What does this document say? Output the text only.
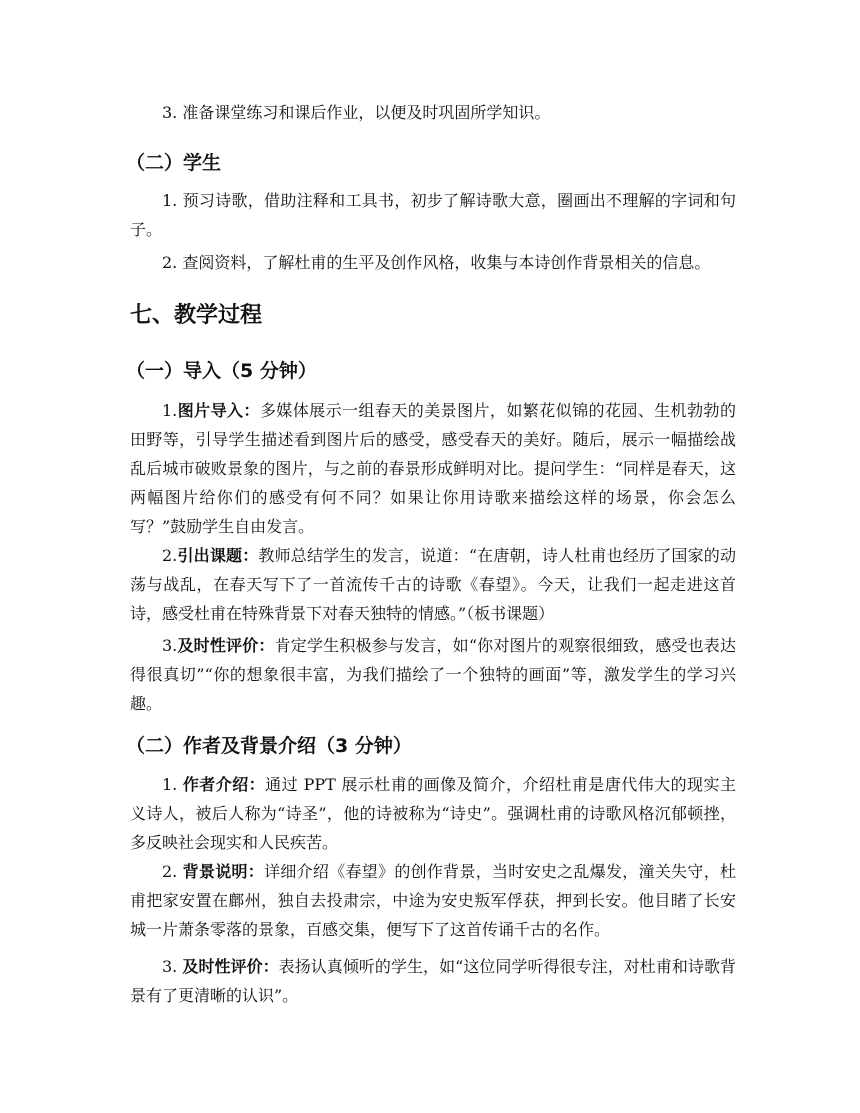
3. 准备课堂练习和课后作业，以便及时巩固所学知识。

（二）学生

1. 预习诗歌，借助注释和工具书，初步了解诗歌大意，圈画出不理解的字词和句子。

2. 查阅资料，了解杜甫的生平及创作风格，收集与本诗创作背景相关的信息。

七、教学过程
（一）导入（5 分钟）

1.图片导入：多媒体展示一组春天的美景图片，如繁花似锦的花园、生机勃勃的田野等，引导学生描述看到图片后的感受，感受春天的美好。随后，展示一幅描绘战乱后城市破败景象的图片，与之前的春景形成鲜明对比。提问学生：“同样是春天，这两幅图片给你们的感受有何不同？如果让你用诗歌来描绘这样的场景，你会怎么写？”鼓励学生自由发言。

2.引出课题：教师总结学生的发言，说道：“在唐朝，诗人杜甫也经历了国家的动荡与战乱，在春天写下了一首流传千古的诗歌《春望》。今天，让我们一起走进这首诗，感受杜甫在特殊背景下对春天独特的情感。”（板书课题）

3.及时性评价：肯定学生积极参与发言，如“你对图片的观察很细致，感受也表达得很真切”“你的想象很丰富，为我们描绘了一个独特的画面”等，激发学生的学习兴趣。

（二）作者及背景介绍（3 分钟）

1. 作者介绍：通过 PPT 展示杜甫的画像及简介，介绍杜甫是唐代伟大的现实主义诗人，被后人称为“诗圣”，他的诗被称为“诗史”。强调杜甫的诗歌风格沉郁顿挫，多反映社会现实和人民疾苦。

2. 背景说明：详细介绍《春望》的创作背景，当时安史之乱爆发，潼关失守，杜甫把家安置在鄜州，独自去投肃宗，中途为安史叛军俘获，押到长安。他目睹了长安城一片萧条零落的景象，百感交集，便写下了这首传诵千古的名作。

3. 及时性评价：表扬认真倾听的学生，如“这位同学听得很专注，对杜甫和诗歌背景有了更清晰的认识”。
